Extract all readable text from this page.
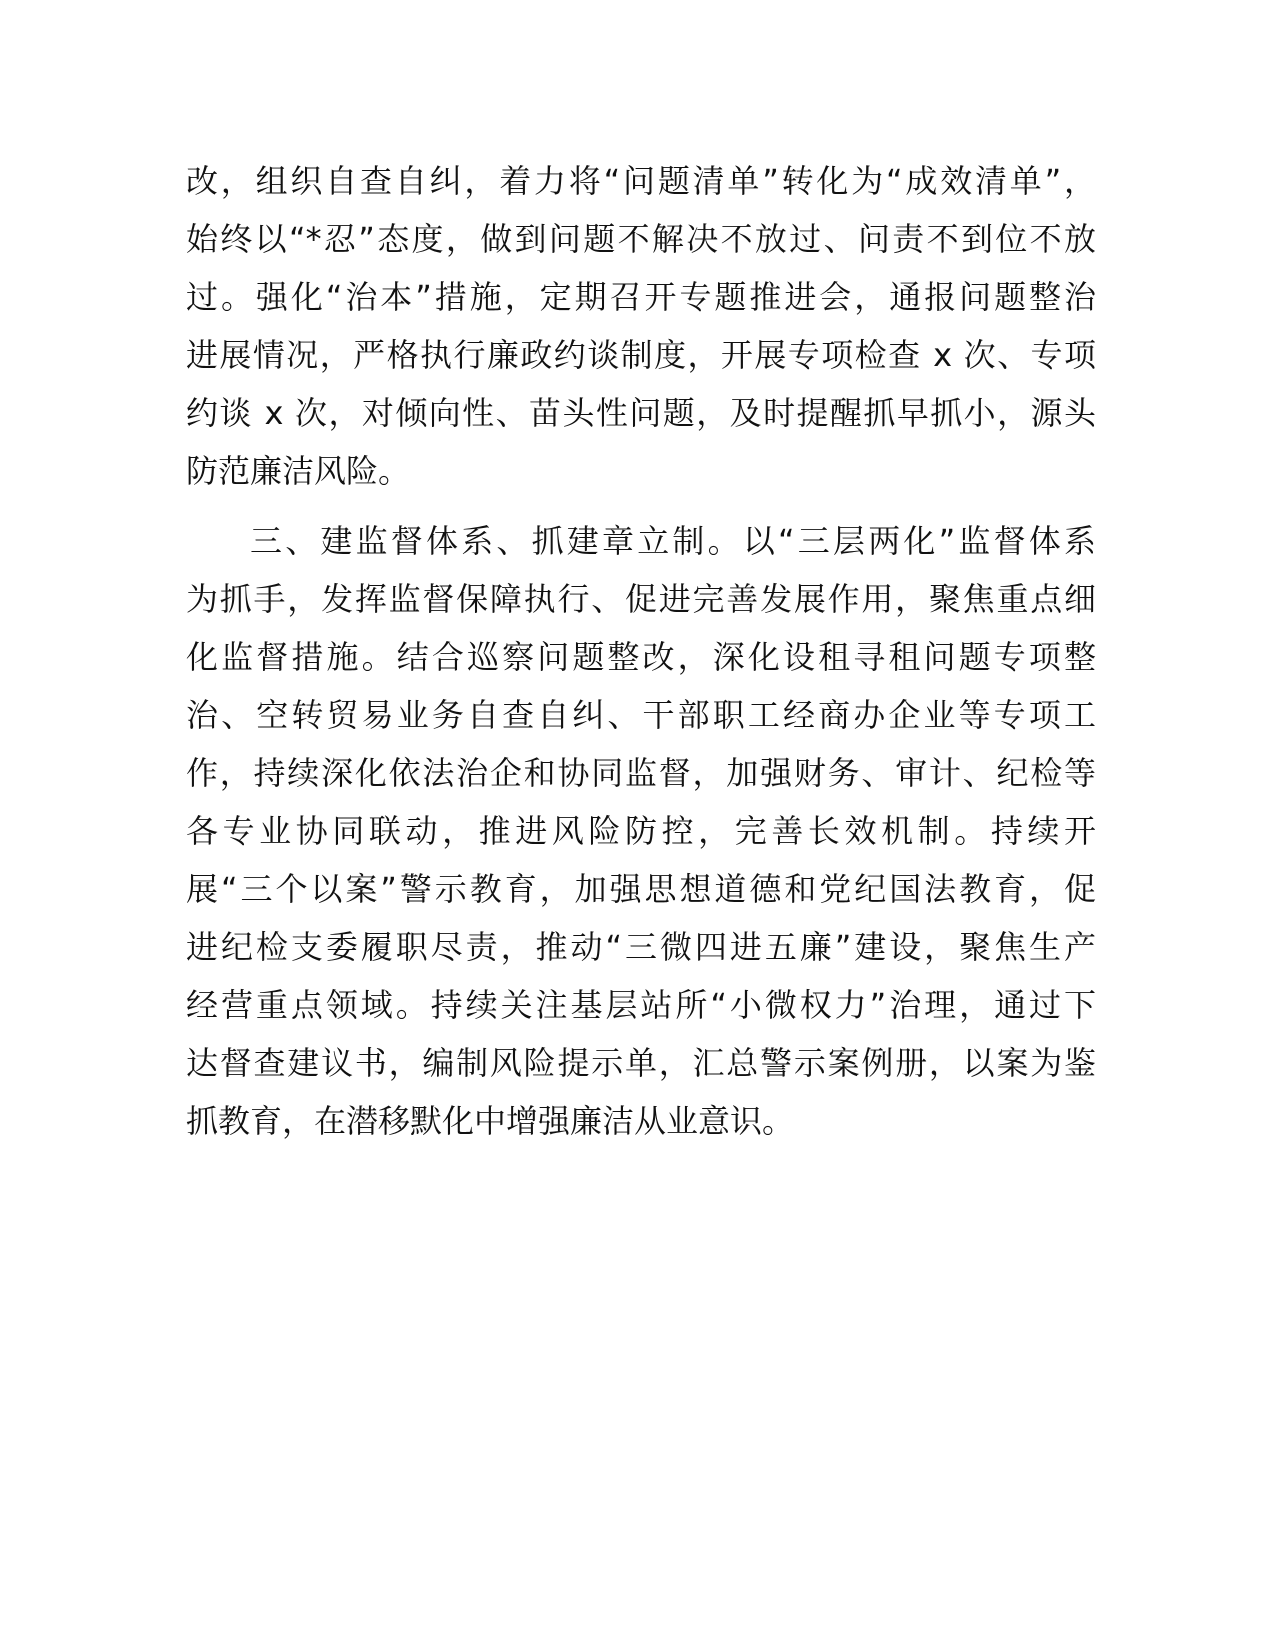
改，组织自查自纠，着力将“问题清单”转化为“成效清单”，
始终以“*忍”态度，做到问题不解决不放过、问责不到位不放
过。强化“治本”措施，定期召开专题推进会，通报问题整治
进展情况，严格执行廉政约谈制度，开展专项检查 x 次、专项
约谈 x 次，对倾向性、苗头性问题，及时提醒抓早抓小，源头
防范廉洁风险。
三、建监督体系、抓建章立制。以“三层两化”监督体系
为抓手，发挥监督保障执行、促进完善发展作用，聚焦重点细
化监督措施。结合巡察问题整改，深化设租寻租问题专项整
治、空转贸易业务自查自纠、干部职工经商办企业等专项工
作，持续深化依法治企和协同监督，加强财务、审计、纪检等
各专业协同联动，推进风险防控，完善长效机制。持续开
展“三个以案”警示教育，加强思想道德和党纪国法教育，促
进纪检支委履职尽责，推动“三微四进五廉”建设，聚焦生产
经营重点领域。持续关注基层站所“小微权力”治理，通过下
达督查建议书，编制风险提示单，汇总警示案例册，以案为鉴
抓教育，在潜移默化中增强廉洁从业意识。
